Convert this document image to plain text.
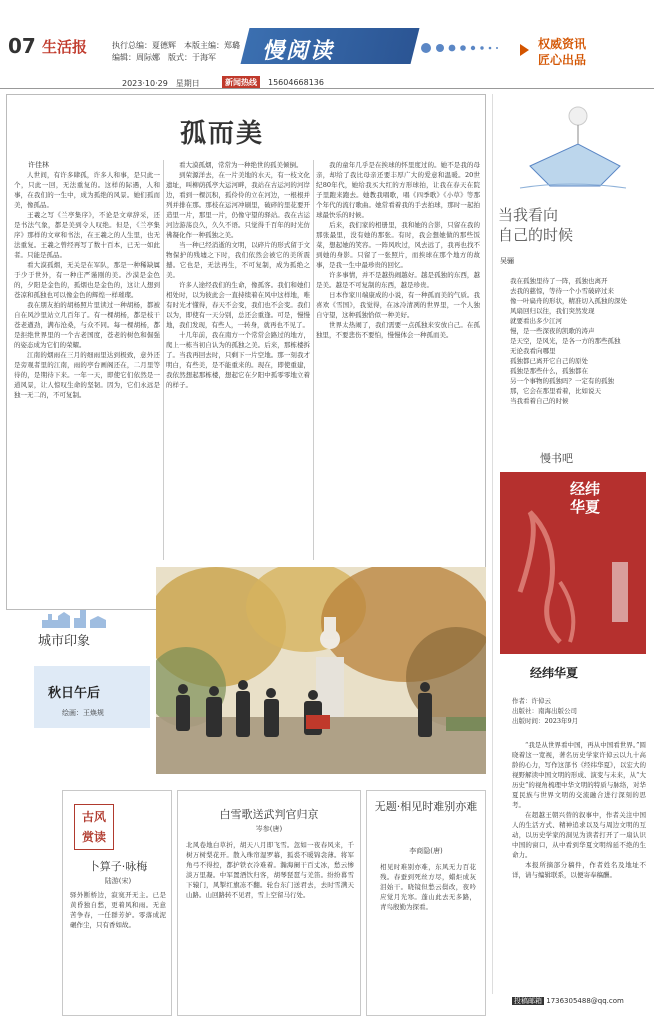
07 生活报	执行总编：夏德辉 本版主编：郑璐
编辑：周际娜 版式：于海军	慢阅读	权威资讯
匠心出品
2023·10·29　星期日	新闻热线	15604668136
孤而美

许佳林

人世间，有许多肆孤，许多人和事，是只此一个，只此一回，无法重复的。这样的际遇，人和事，在我们的一生中，成为孤绝的风景。她们孤而美，像孤品。

王羲之写《兰亭集序》，不论是文章辞采，还是书法气象，都是美到令人叹绝。但是，《兰亭集序》那样的文章和书法，在王羲之的人生里，也无法重复。王羲之曾经再写了数十百本，已无一如此者。只能是孤品。

看大漠孤烟，无关是在军队，那是一种稀缺属于少于世外，有一种庄严谨刚的美。沙漠是金色的，夕阳是金色的，孤烟也是金色的，这让人想到苍凉和孤独也可以像金色的辉煌一样璀璨。

我在朋友拍的胡杨照片里读过一种胡杨，都被自在风沙里站立几百年了。有一棵胡杨，都是枝干苍老遒劲，满布沧桑，与众不同。每一棵胡杨，都是拒绝世界里的一个古老国度，苍老的树色和倔强的姿态成为它们的荣耀。

江南的烟雨在三月的细雨里达到极致，意外还是旁观者里的江南，雨的亭台画阁还在，二月里等待的，是期待下来。一年一天，即使它们依然是一道风景，让人惊叹生命的坚韧。因为，它们永远是独一无二的，不可复制。

看大漠孤烟，常常为一种绝世的孤美倾倒。

到荣源洋去，在一片美地的水天，有一枝文化遗址，叫柳荫孤亭大运河畔，我站在古运河的河岸边，看到一棵沉积，孤伶伶的立在河边，一根根并列并排在那。那枝在运河冲刷里，破碎的里花要开造里一片，那里一片，仍像守望的驿站。我在古运河边游荡良久，久久不语。只觉得千百年的时光仿佛凝化作一种孤独之美。

当一种已经消逝的文明，以碎片的形式留于文物保护的残墟之下时，我们依然会被它的美所震撼。它也是，无法再生，不可复制，成为孤绝之美。

许多人途经我们的生命，像孤客。我们和她们相处时，以为彼此会一直持续着在风中这样地，唯有时光才懂得，春天不会变，我们也不会变。我们以为，即使有一天分别，总还会重逢。可是，慢慢地，我们发现，有些人，一转身，就再也不见了。

十几年前，我在南方一个常常会路过的地方，爬上一栋当初自认为的孤独之美。后来，那栋楼拆了。当我再回去时，只剩下一片空地。那一刻我才明白，有些美，是不能重来的。现在，即使重建，我依然想起那栋楼，想起它在夕阳中孤零零地立着的样子。

我的童年几乎是在挨球的怀里度过的。她不是我的母亲，却给了我比母亲还要丰厚广大的爱意和温暖。20世纪80年代，她给我买大红的方形球拍，让我在春天在院子里跑来跑去。她教我唱歌，唱《四季歌》《小草》等那个年代的流行歌曲。她常看着我的手去拍球，那时一起拍球最快乐的时候。

后来，我们家的相册里，我和她的合影，只留在我的那张最里，没有她的那张。有时，我会想她做的那些饭菜，想起她的笑容。一阵风吹过，风去远了，我再也找不到她的身影。只留了一张照片，而挨球在那个地方的故事，是我一生中最珍贵的回忆。

许多事情，并不是越热闹越好。越是孤独的东西，越是美。越是不可复制的东西，越是珍贵。

日本作家川端康成的小说，有一种孤而美的气质。我喜欢《雪国》，我觉得，在冰冷清冽的世界里，一个人独自守望，这种孤独恰似一种美好。

世界太热闹了，我们需要一点孤独来安放自己。在孤独里，不要悲伤不要怕，慢慢体会一种孤而美。

城市印象
秋日午后
绘画：王焕规
当我看向
自己的时候
吴骊
我在孤独里待了一阵，孤独也离开
去我的慈惊，等待一个小雪破碎过来
像一叶扁舟的形状，精准切入孤独的深处
风扇回归以往，我们突然发现
就要看出多少江河
慢，是一些深夜的凯歌的涛声
是天空，是风光，是各一方的那些孤独
无论我看向哪里
孤独都已离开它自己的原处
孤独是那些什么，孤独都在
另一个事物的孤独吗？一定有的孤独
那，它会在那里看着，比如说天
当我看着自己的时候
慢书吧
经纬
华夏
经纬华夏
作者：许倬云
出版社：南海出版公司
出版时间：2023年9月

“我是从世界看中国，再从中国看世界。”圆晓着这一宽视，著名历史学家许倬云以九十高龄的心力，写作这部书《经纬华夏》，以宏大的视野解读中国文明的形成、演变与未来，从“大历史”的视角梳理中华文明的特质与脉络，对华夏民族与世界文明的交流融合进行深刻的思考。

在超越王朝兴替的叙事中，作者关注中国人的生活方式、精神追求以及与周边文明的互动，以历史学家的洞见为读者打开了一扇认识中国的窗口，从中看到华夏文明绵延不绝的生命力。

本报所摘部分稿件，作者姓名及地址不详，请与编辑联系，以便寄奉稿酬。

投稿邮箱 1736305488@qq.com
古风
赏读
卜算子·咏梅
陆游(宋)
驿外断桥边，寂寞开无主。已是黄昏独自愁，更着风和雨。无意苦争春，一任群芳妒。零落成泥碾作尘，只有香如故。
白雪歌送武判官归京
岑参(唐)
北风卷地白草折，胡天八月即飞雪。忽如一夜春风来，千树万树梨花开。散入珠帘湿罗幕，狐裘不暖锦衾薄。将军角弓不得控，都护铁衣冷难着。瀚海阑干百丈冰，愁云惨淡万里凝。中军置酒饮归客，胡琴琵琶与羌笛。纷纷暮雪下辕门，风掣红旗冻不翻。轮台东门送君去，去时雪满天山路。山回路转不见君，雪上空留马行处。
无题·相见时难别亦难
李商隐(唐)
相见时难别亦难，东风无力百花残。春蚕到死丝方尽，蜡炬成灰泪始干。晓镜但愁云鬓改，夜吟应觉月光寒。蓬山此去无多路，青鸟殷勤为探看。
